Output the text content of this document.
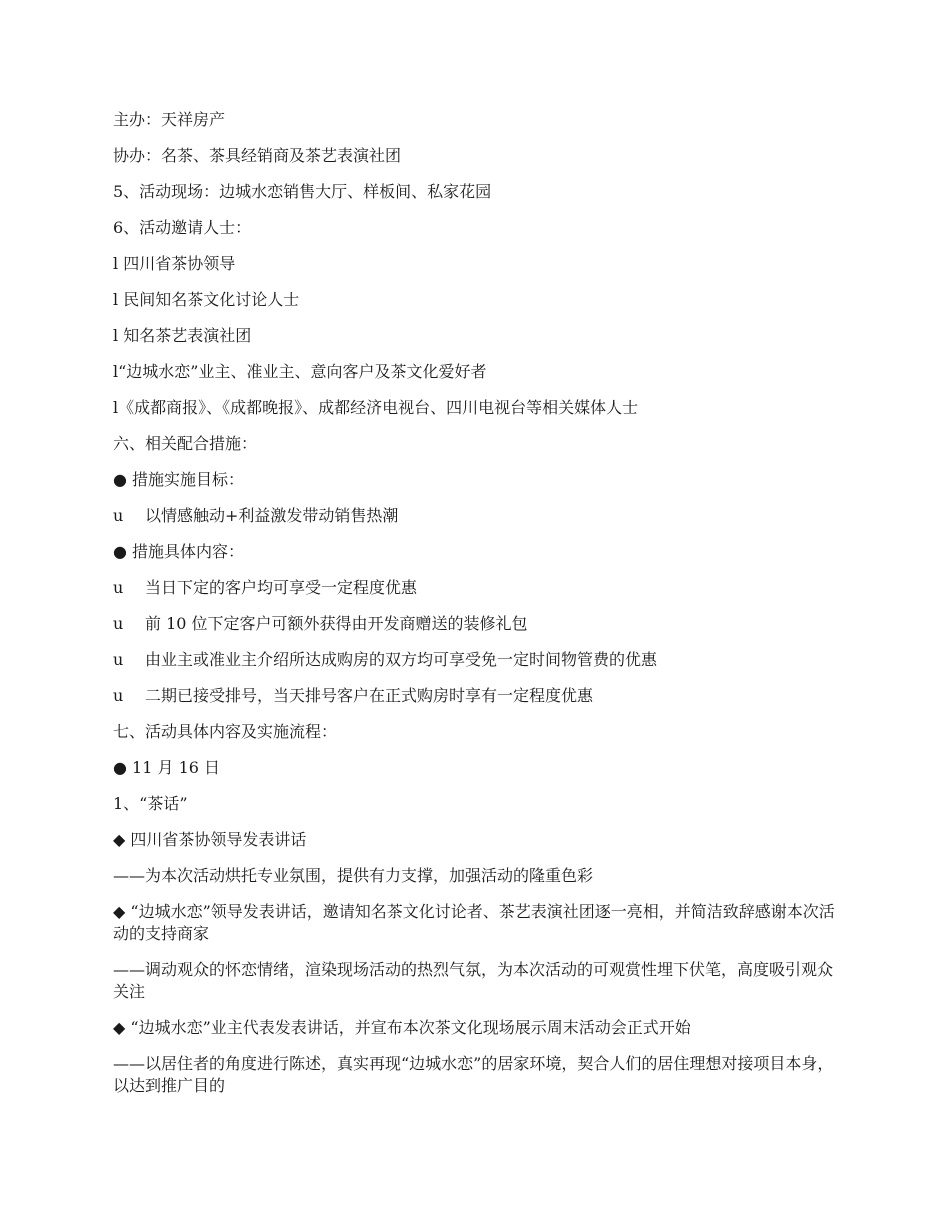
主办：天祥房产

协办：名茶、茶具经销商及茶艺表演社团

5、活动现场：边城水恋销售大厅、样板间、私家花园

6、活动邀请人士：

l 四川省茶协领导

l 民间知名茶文化讨论人士

l 知名茶艺表演社团

l“边城水恋”业主、准业主、意向客户及茶文化爱好者

l《成都商报》、《成都晚报》、成都经济电视台、四川电视台等相关媒体人士

六、相关配合措施：

● 措施实施目标：

u 以情感触动+利益激发带动销售热潮

● 措施具体内容：

u 当日下定的客户均可享受一定程度优惠

u 前 10 位下定客户可额外获得由开发商赠送的装修礼包

u 由业主或准业主介绍所达成购房的双方均可享受免一定时间物管费的优惠

u 二期已接受排号，当天排号客户在正式购房时享有一定程度优惠

七、活动具体内容及实施流程：

● 11 月 16 日

1、“茶话”

◆ 四川省茶协领导发表讲话

——为本次活动烘托专业氛围，提供有力支撑，加强活动的隆重色彩

◆ “边城水恋”领导发表讲话，邀请知名茶文化讨论者、茶艺表演社团逐一亮相，并简洁致辞感谢本次活动的支持商家

——调动观众的怀恋情绪，渲染现场活动的热烈气氛，为本次活动的可观赏性埋下伏笔，高度吸引观众关注

◆ “边城水恋”业主代表发表讲话，并宣布本次茶文化现场展示周末活动会正式开始

——以居住者的角度进行陈述，真实再现“边城水恋”的居家环境，契合人们的居住理想对接项目本身，以达到推广目的
